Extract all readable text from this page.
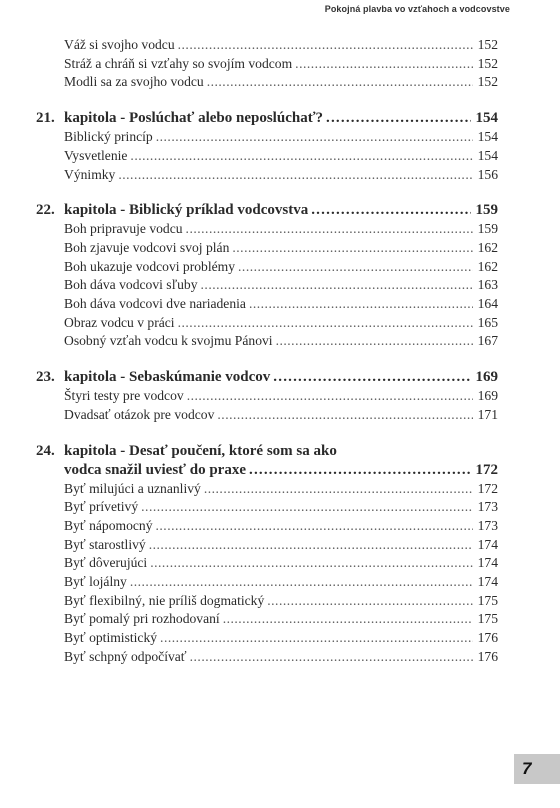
Pokojná plavba vo vzťahoch a vodcovstve
Váž si svojho vodcu .....	152
Stráž a chráň si vzťahy so svojím vodcom .....	152
Modli sa za svojho vodcu .....	152
21. kapitola - Poslúchať alebo neposlúchať? .....	154
Biblický princíp .....	154
Vysvetlenie .....	154
Výnimky .....	156
22. kapitola - Biblický príklad vodcovstva .....	159
Boh pripravuje vodcu .....	159
Boh zjavuje vodcovi svoj plán .....	162
Boh ukazuje vodcovi problémy .....	162
Boh dáva vodcovi sľuby .....	163
Boh dáva vodcovi dve nariadenia .....	164
Obraz vodcu v práci .....	165
Osobný vzťah vodcu k svojmu Pánovi .....	167
23. kapitola - Sebaskúmanie vodcov .....	169
Štyri testy pre vodcov .....	169
Dvadsať otázok pre vodcov .....	171
24. kapitola - Desať poučení, ktoré som sa ako
vodca snažil uviesť do praxe .....	172
Byť milujúci a uznanlivý .....	172
Byť prívetivý .....	173
Byť nápomocný .....	173
Byť starostlivý .....	174
Byť dôverujúci .....	174
Byť lojálny .....	174
Byť flexibilný, nie príliš dogmatický .....	175
Byť pomalý pri rozhodovaní .....	175
Byť optimistický .....	176
Byť schpný odpočívať .....	176
7
